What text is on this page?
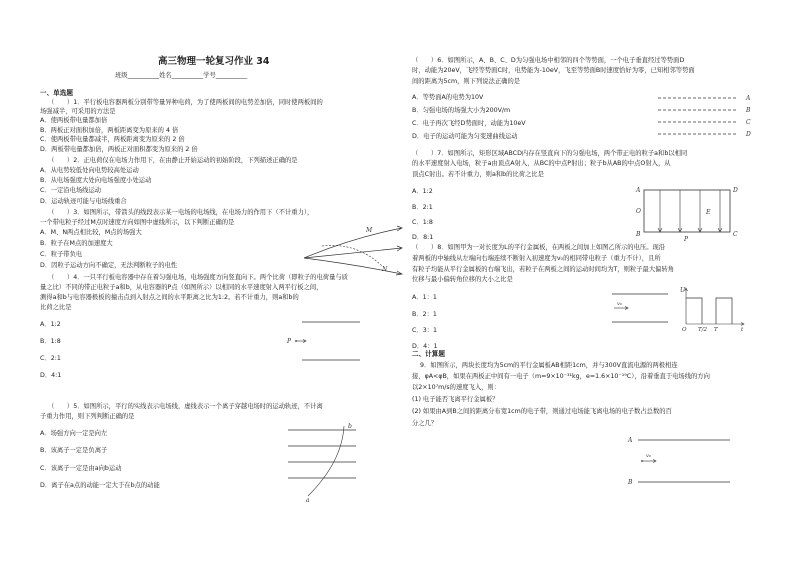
高三物理一轮复习作业 34
班级__________姓名__________学号__________
一、单选题
（　　）1．平行板电容器两板分别带等量异种电荷，为了使两板间的电势差加倍，同时使两板间的
场强减半，可采用的方法是
A．使两板带电量都加倍
B．两板正对面积加倍，两板距离变为原来的 4 倍
C．使两板带电量都减半，两板距离变为原来的 2 倍
D．两板带电量都加倍，两板正对面积都变为原来的 2 倍
（　　）2．正电荷仅在电场力作用下，在由静止开始运动的初始阶段，下列描述正确的是
A．从电势较低处向电势较高处运动
B．从电场强度大处向电场强度小处运动
C．一定沿电场线运动
D．运动轨迹可能与电场线重合
（　　）3．如图所示，带箭头的线段表示某一电场的电场线，在电场力的作用下（不计重力），
一个带电粒子经过M点时速度方向如图中虚线所示，以下判断正确的是
A．M、N两点相比较，M点的场强大
B．粒子在M点的加速度大
C．粒子带负电
D．因粒子运动方向不确定，无法判断粒子的电性
M
N
（　　）4．一只平行板电容器中存在着匀强电场，电场强度方向竖直向下。两个比荷（即粒子的电荷量与质
量之比）不同的带正电粒子a和b，从电容器的P点（如图所示）以相同的水平速度射入两平行板之间，
测得a和b与电容器极板的撞击点到入射点之间的水平距离之比为1:2。若不计重力，则a和b的
比荷之比是
A．1:2
B．1:8
C．2:1
D．4:1
P
（　　）5．如图所示，平行的实线表示电场线，虚线表示一个离子穿越电场时的运动轨迹，不计离
子重力作用，则下列判断正确的是
A．场强方向一定是向左
B．该离子一定是负离子
C．该离子一定是由a向b运动
D．离子在a点的动能一定大于在b点的动能
b
a
（　　）6．如图所示，A、B、C、D为匀强电场中相邻的四个等势面，一个电子垂直经过等势面D
时，动能为20eV，飞经等势面C时，电势能为-10eV，飞至等势面B时速度恰好为零，已知相邻等势面
间的距离为5cm，则下列说法正确的是
A．等势面A的电势为10V
B．匀强电场的场强大小为200V/m
C．电子再次飞经D势面时，动能为10eV
D．电子的运动可能为匀变速曲线运动
A
B
C
D
（　　）7．如图所示，矩形区域ABCD内存在竖直向下的匀强电场，两个带正电的粒子a和b以相同
的水平速度射入电场，粒子a由顶点A射入，从BC的中点P射出；粒子b从AB的中点O射入，从
顶点C射出。若不计重力，则a和b的比荷之比是
A．1:2
B．2:1
C．1:8
D．8:1
A
O
B
D
C
E
P
（　　）8．如图甲为一对长度为L的平行金属板，在两板之间加上如图乙所示的电压。现沿
着两板的中轴线从左端向右端连续不断射入初速度为v₀的相同带电粒子（重力不计），且所
有粒子均能从平行金属板的右端飞出，若粒子在两板之间的运动时间均为T，则粒子最大偏转角
位移与最小偏转角位移的大小之比是
A．1：1
B．2：1
C．3：1
D．4：1
v₀
U
O T/2 T	t
二、计算题
9．如图所示，两块长度均为5cm的平行金属板AB相距1cm，并与300V直流电源的两极相连
接，φA<φB，如果在两板正中间有一电子（m=9×10⁻³¹kg，e=1.6×10⁻¹⁹C），沿着垂直于电场线的方向
以2×10⁷m/s的速度飞入，则：
(1) 电子能否飞离平行金属板？
(2) 如果由A到B之间的距离分布宽1cm的电子带，则通过电场能飞离电场的电子数占总数的百
分之几？
v₀
A
B
